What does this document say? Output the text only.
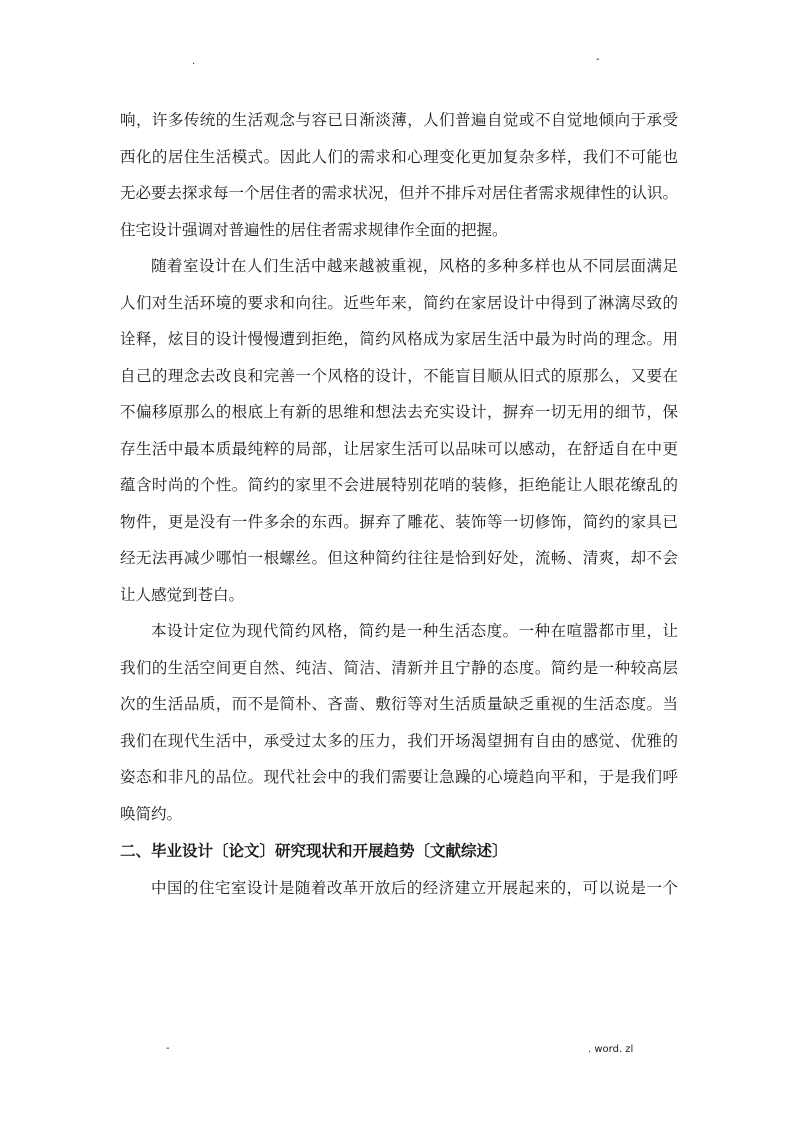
.	-
响，许多传统的生活观念与容已日渐淡薄，人们普遍自觉或不自觉地倾向于承受
西化的居住生活模式。因此人们的需求和心理变化更加复杂多样，我们不可能也
无必要去探求每一个居住者的需求状况，但并不排斥对居住者需求规律性的认识。
住宅设计强调对普遍性的居住者需求规律作全面的把握。
随着室设计在人们生活中越来越被重视，风格的多种多样也从不同层面满足
人们对生活环境的要求和向往。近些年来，简约在家居设计中得到了淋漓尽致的
诠释，炫目的设计慢慢遭到拒绝，简约风格成为家居生活中最为时尚的理念。用
自己的理念去改良和完善一个风格的设计，不能盲目顺从旧式的原那么，又要在
不偏移原那么的根底上有新的思维和想法去充实设计，摒弃一切无用的细节，保
存生活中最本质最纯粹的局部，让居家生活可以品味可以感动，在舒适自在中更
蕴含时尚的个性。简约的家里不会进展特别花哨的装修，拒绝能让人眼花缭乱的
物件，更是没有一件多余的东西。摒弃了雕花、装饰等一切修饰，简约的家具已
经无法再减少哪怕一根螺丝。但这种简约往往是恰到好处，流畅、清爽，却不会
让人感觉到苍白。
本设计定位为现代简约风格，简约是一种生活态度。一种在喧嚣都市里，让
我们的生活空间更自然、纯洁、简洁、清新并且宁静的态度。简约是一种较高层
次的生活品质，而不是简朴、吝啬、敷衍等对生活质量缺乏重视的生活态度。当
我们在现代生活中，承受过太多的压力，我们开场渴望拥有自由的感觉、优雅的
姿态和非凡的品位。现代社会中的我们需要让急躁的心境趋向平和，于是我们呼
唤简约。
二、毕业设计〔论文〕研究现状和开展趋势〔文献综述〕
中国的住宅室设计是随着改革开放后的经济建立开展起来的，可以说是一个
-	. word. zl
